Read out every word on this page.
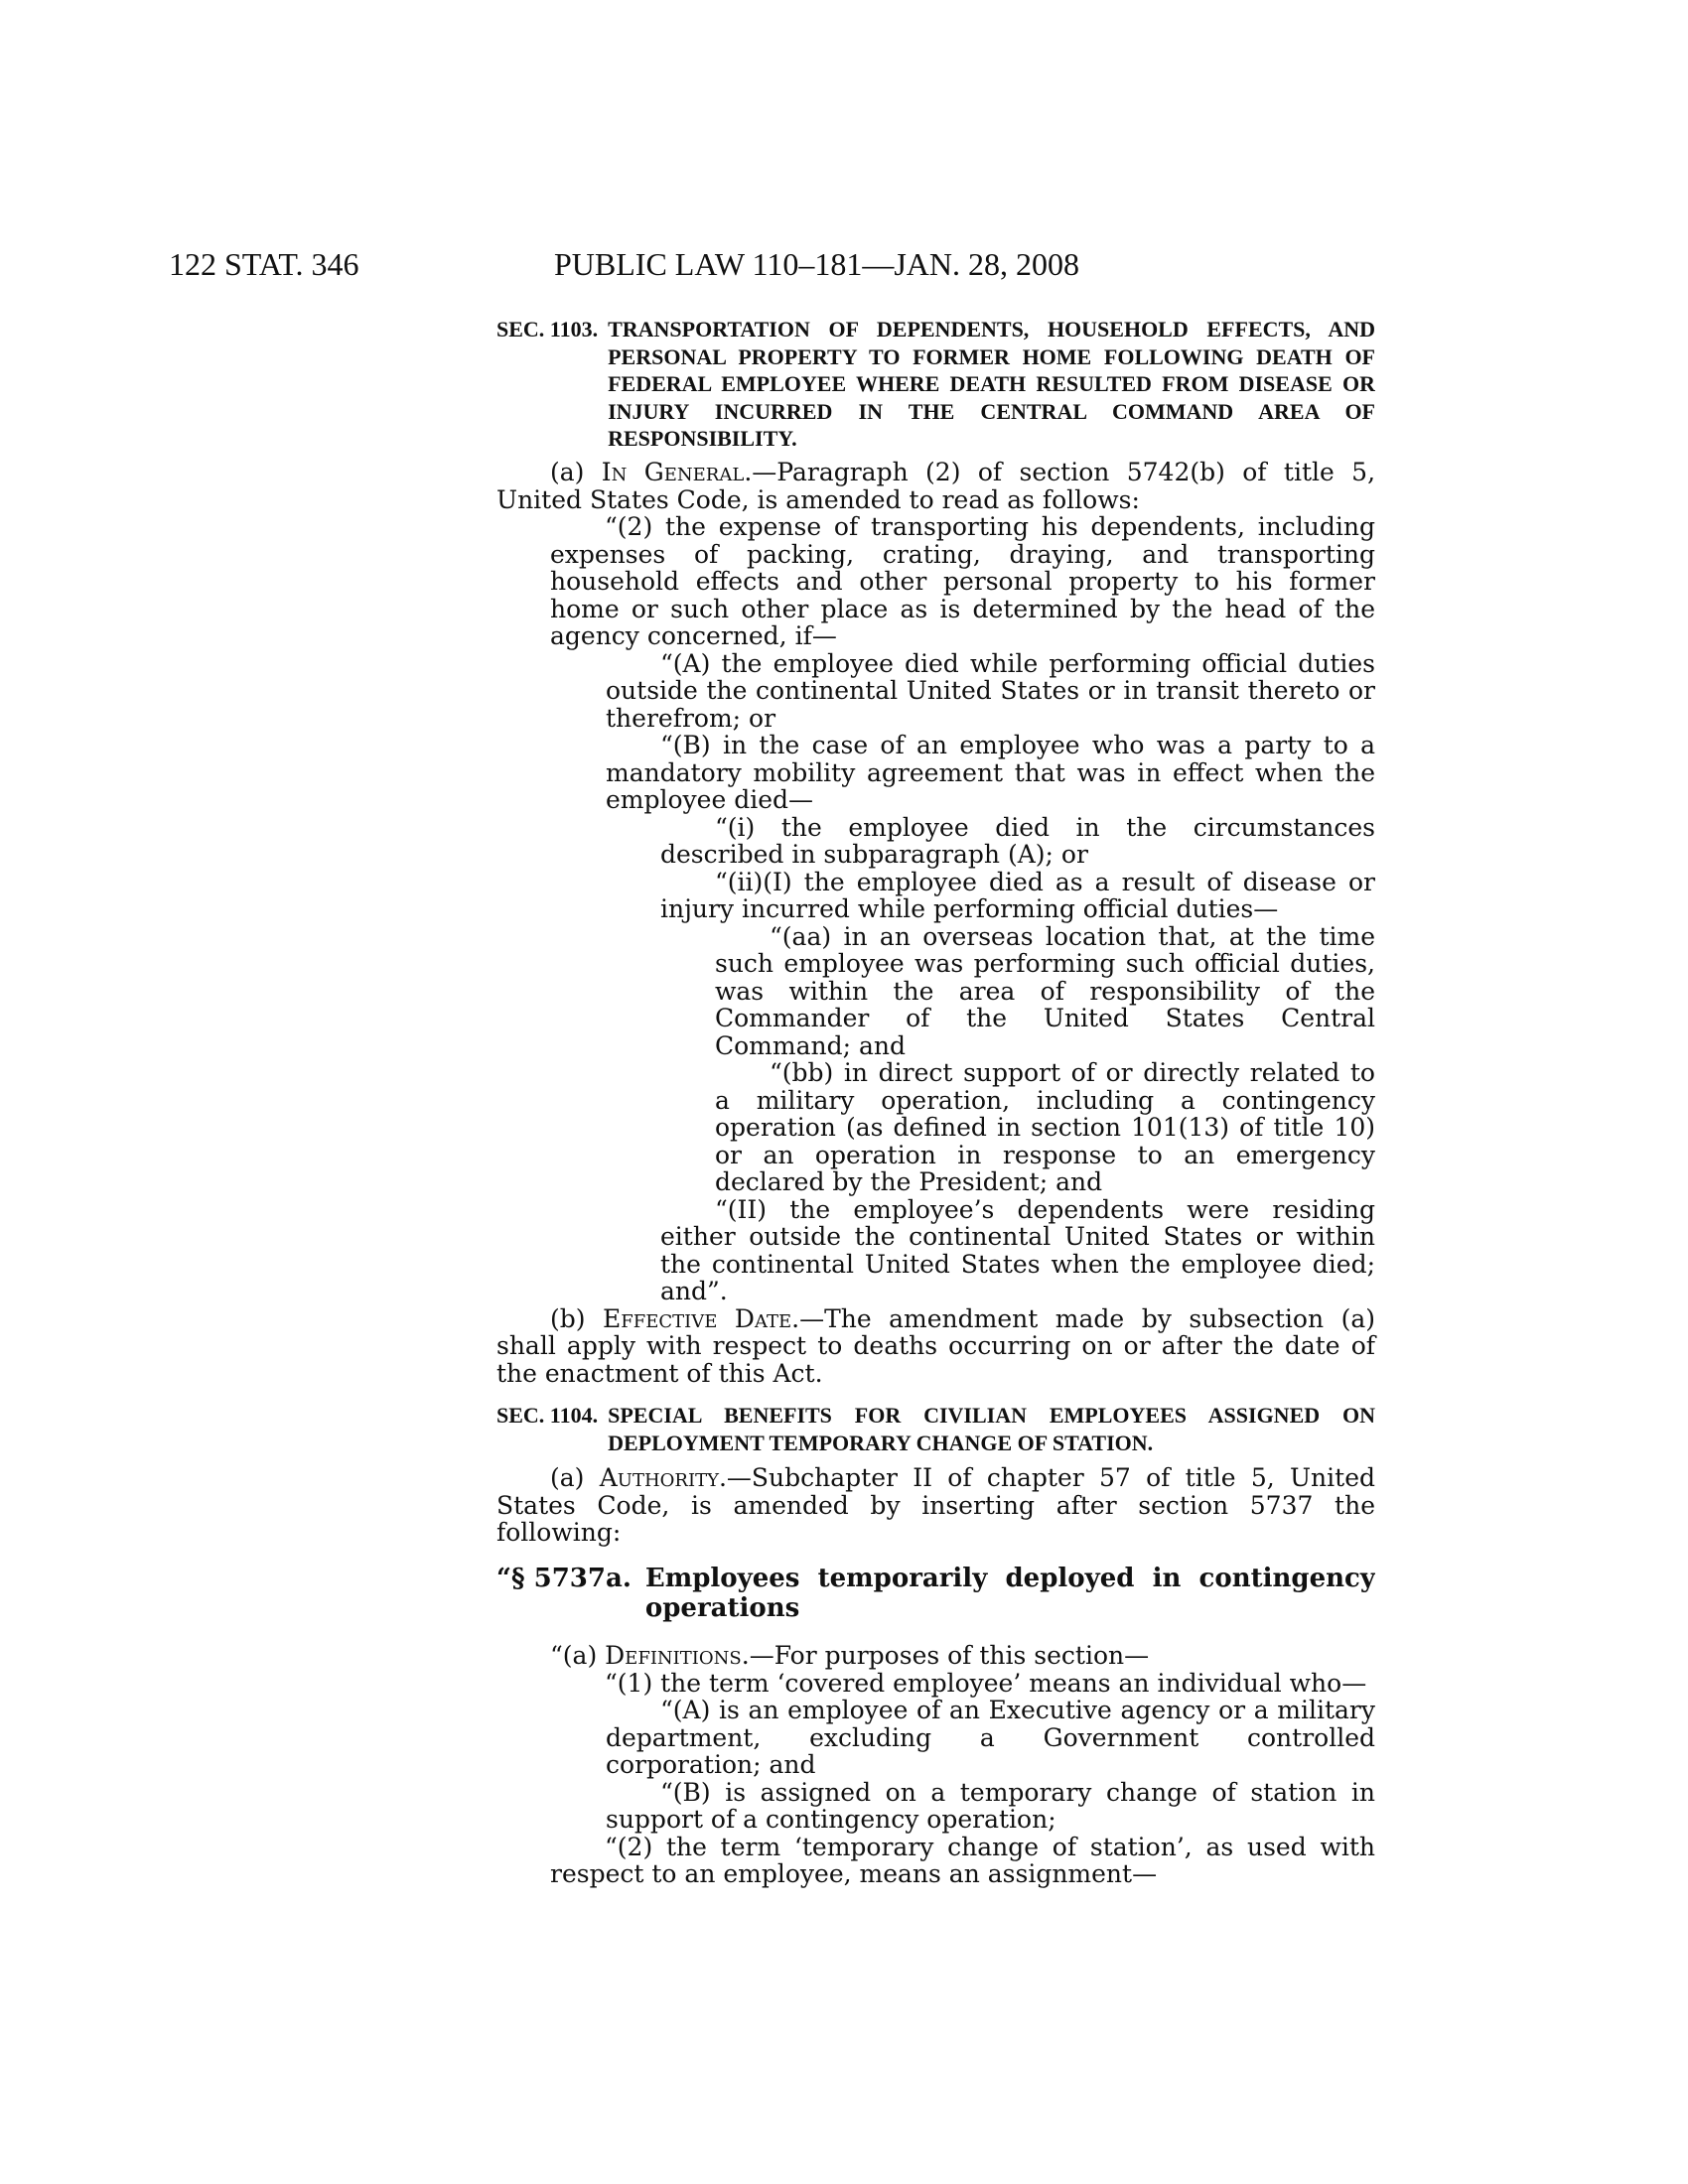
122 STAT. 346	PUBLIC LAW 110–181—JAN. 28, 2008
SEC. 1103. TRANSPORTATION OF DEPENDENTS, HOUSEHOLD EFFECTS, AND PERSONAL PROPERTY TO FORMER HOME FOLLOWING DEATH OF FEDERAL EMPLOYEE WHERE DEATH RESULTED FROM DISEASE OR INJURY INCURRED IN THE CENTRAL COMMAND AREA OF RESPONSIBILITY.

(a) In General.—Paragraph (2) of section 5742(b) of title 5, United States Code, is amended to read as follows:

“(2) the expense of transporting his dependents, including expenses of packing, crating, draying, and transporting household effects and other personal property to his former home or such other place as is determined by the head of the agency concerned, if—

“(A) the employee died while performing official duties outside the continental United States or in transit thereto or therefrom; or

“(B) in the case of an employee who was a party to a mandatory mobility agreement that was in effect when the employee died—

“(i) the employee died in the circumstances described in subparagraph (A); or

“(ii)(I) the employee died as a result of disease or injury incurred while performing official duties—

“(aa) in an overseas location that, at the time such employee was performing such official duties, was within the area of responsibility of the Commander of the United States Central Command; and

“(bb) in direct support of or directly related to a military operation, including a contingency operation (as defined in section 101(13) of title 10) or an operation in response to an emergency declared by the President; and

“(II) the employee’s dependents were residing either outside the continental United States or within the continental United States when the employee died; and”.

(b) Effective Date.—The amendment made by subsection (a) shall apply with respect to deaths occurring on or after the date of the enactment of this Act.

SEC. 1104. SPECIAL BENEFITS FOR CIVILIAN EMPLOYEES ASSIGNED ON DEPLOYMENT TEMPORARY CHANGE OF STATION.

(a) Authority.—Subchapter II of chapter 57 of title 5, United States Code, is amended by inserting after section 5737 the following:

“§ 5737a. Employees temporarily deployed in contingency operations

“(a) Definitions.—For purposes of this section—

“(1) the term ‘covered employee’ means an individual who—

“(A) is an employee of an Executive agency or a military department, excluding a Government controlled corporation; and

“(B) is assigned on a temporary change of station in support of a contingency operation;

“(2) the term ‘temporary change of station’, as used with respect to an employee, means an assignment—
